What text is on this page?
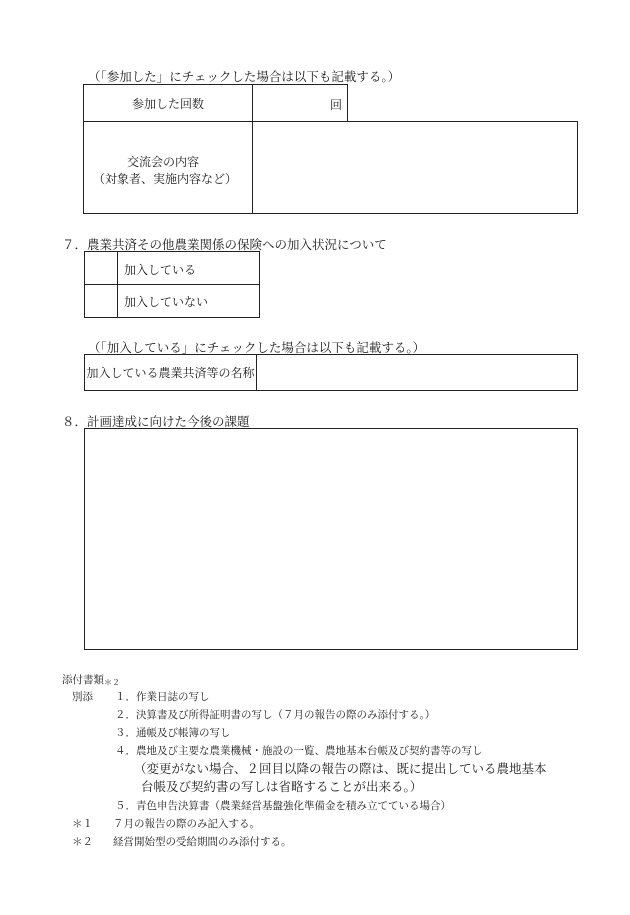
（「参加した」にチェックした場合は以下も記載する。）
参加した回数	回
交流会の内容
（対象者、実施内容など）
７．農業共済その他農業関係の保険への加入状況について
加入している
加入していない
（「加入している」にチェックした場合は以下も記載する。）
加入している農業共済等の名称
８．計画達成に向けた今後の課題
添付書類$_{*2}$
別添 １．作業日誌の写し
２．決算書及び所得証明書の写し（７月の報告の際のみ添付する。）
３．通帳及び帳簿の写し
４．農地及び主要な農業機械・施設の一覧、農地基本台帳及び契約書等の写し
（変更がない場合、２回目以降の報告の際は、既に提出している農地基本
台帳及び契約書の写しは省略することが出来る。）
５．青色申告決算書（農業経営基盤強化準備金を積み立てている場合）
＊１ ７月の報告の際のみ記入する。
＊２ 経営開始型の受給期間のみ添付する。
